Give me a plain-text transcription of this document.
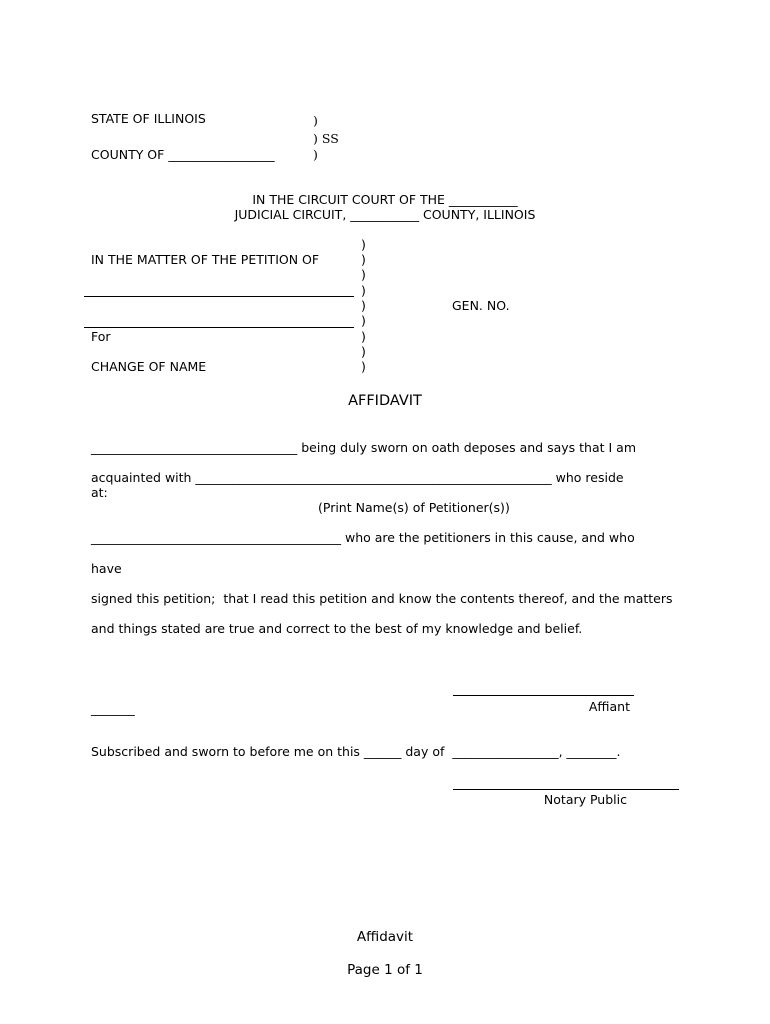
STATE OF ILLINOIS
COUNTY OF _________________
)
) SS
)
IN THE CIRCUIT COURT OF THE ___________
JUDICIAL CIRCUIT, ___________ COUNTY, ILLINOIS
IN THE MATTER OF THE PETITION OF
For
CHANGE OF NAME
GEN. NO.
)
)
)
)
)
)
)
)
)
AFFIDAVIT
_________________________________ being duly sworn on oath deposes and says that I am
acquainted with _________________________________________________________ who reside
at:
(Print Name(s) of Petitioner(s))
________________________________________ who are the petitioners in this cause, and who
have
signed this petition;  that I read this petition and know the contents thereof, and the matters
and things stated are true and correct to the best of my knowledge and belief.
_______	Affiant
Subscribed and sworn to before me on this ______ day of  _________________, ________.
Notary Public
Affidavit
Page 1 of 1
